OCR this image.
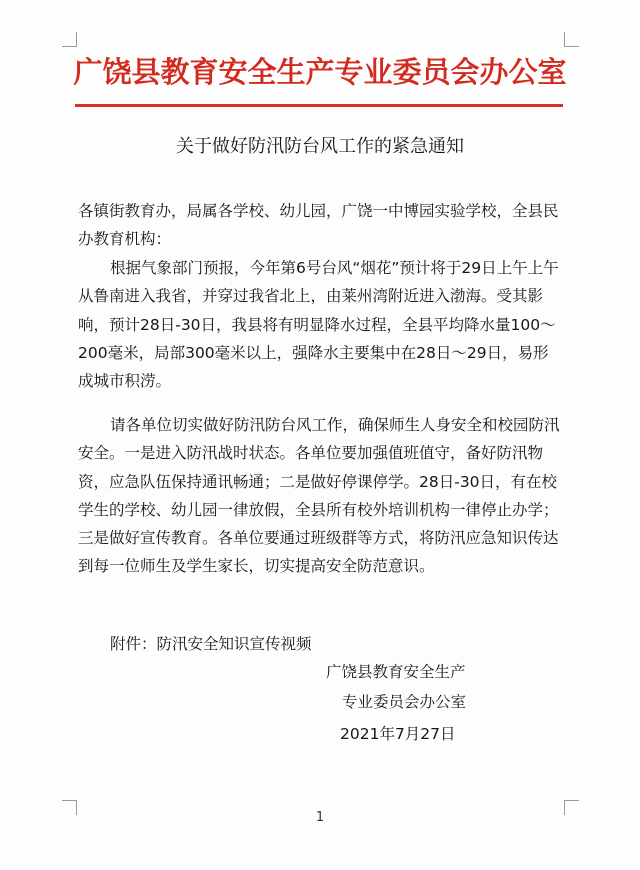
广饶县教育安全生产专业委员会办公室
关于做好防汛防台风工作的紧急通知
各镇街教育办，局属各学校、幼儿园，广饶一中博园实验学校，全县民办教育机构：
根据气象部门预报，今年第6号台风“烟花”预计将于29日上午上午从鲁南进入我省，并穿过我省北上，由莱州湾附近进入渤海。受其影响，预计28日-30日，我县将有明显降水过程，全县平均降水量100～200毫米，局部300毫米以上，强降水主要集中在28日～29日，易形成城市积涝。
请各单位切实做好防汛防台风工作，确保师生人身安全和校园防汛安全。一是进入防汛战时状态。各单位要加强值班值守，备好防汛物资，应急队伍保持通讯畅通；二是做好停课停学。28日-30日，有在校学生的学校、幼儿园一律放假，全县所有校外培训机构一律停止办学；三是做好宣传教育。各单位要通过班级群等方式，将防汛应急知识传达到每一位师生及学生家长，切实提高安全防范意识。
附件：防汛安全知识宣传视频
广饶县教育安全生产
专业委员会办公室
2021年7月27日
1
